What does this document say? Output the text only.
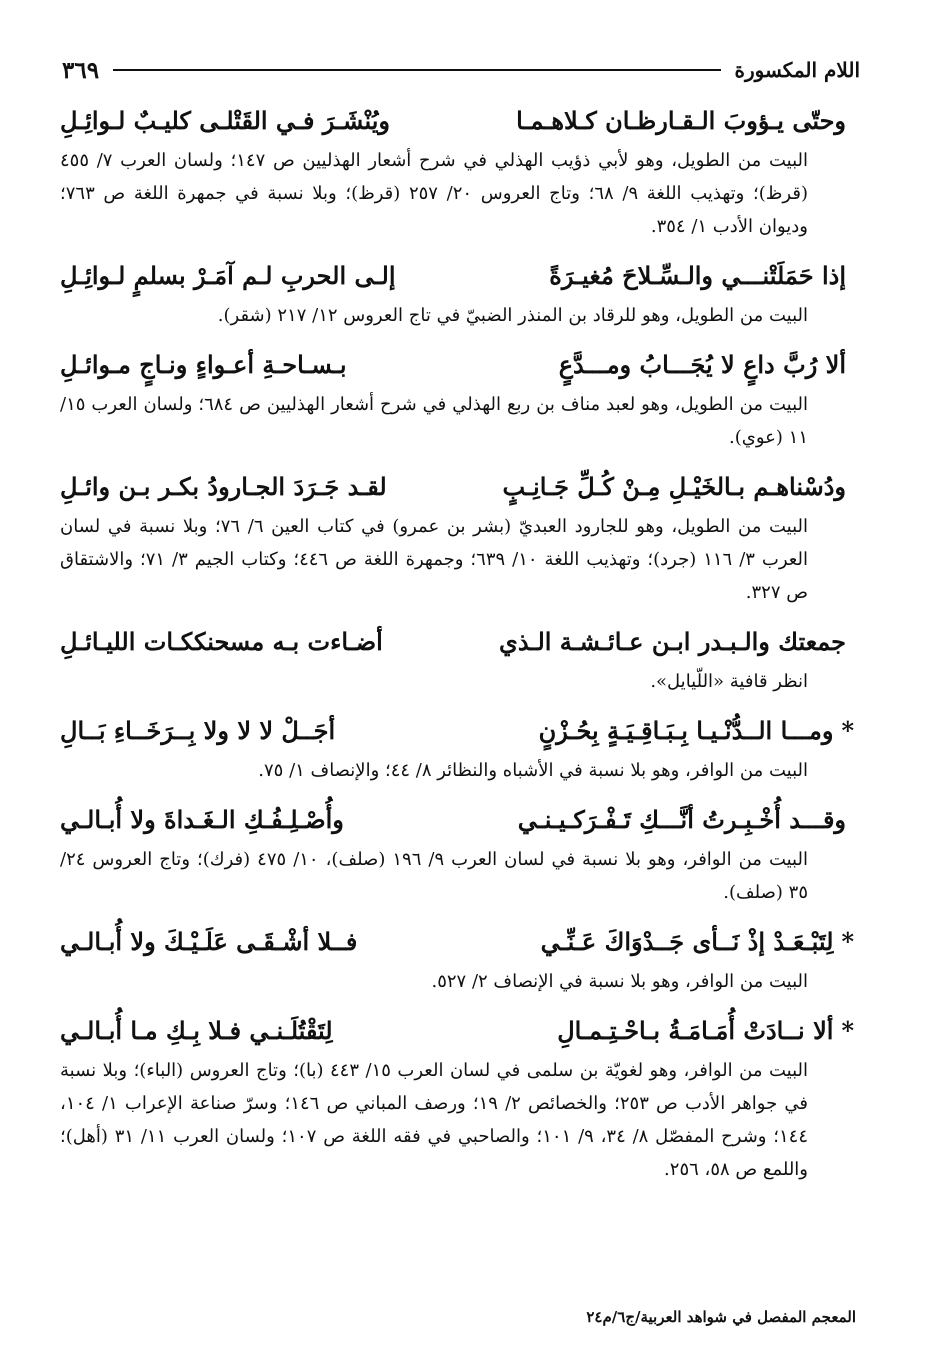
اللام المكسورة
٣٦٩
وحتّى يـؤوبَ الـقـارظـان كـلاهـمـا
ويُنْشَـرَ فـي القَتْلـى كليـبٌ لـوائِـلِ
البيت من الطويل، وهو لأبي ذؤيب الهذلي في شرح أشعار الهذليين ص ١٤٧؛ ولسان العرب ٧/ ٤٥٥ (قرظ)؛ وتهذيب اللغة ٩/ ٦٨؛ وتاج العروس ٢٠/ ٢٥٧ (قرظ)؛ وبلا نسبة في جمهرة اللغة ص ٧٦٣؛ وديوان الأدب ١/ ٣٥٤.
إذا حَمَلَتْنـــي والـسِّـلاحَ مُغيـرَةً
إلـى الحربِ لـم آمَـرْ بسلمٍ لـوائِـلِ
البيت من الطويل، وهو للرقاد بن المنذر الضبيّ في تاج العروس ١٢/ ٢١٧ (شقر).
ألا رُبَّ داعٍ لا يُجَـــابُ ومـــدَّعٍ
بـسـاحـةِ أعـواءٍ ونـاجٍ مـوائـلِ
البيت من الطويل، وهو لعبد مناف بن ربع الهذلي في شرح أشعار الهذليين ص ٦٨٤؛ ولسان العرب ١٥/ ١١ (عوي).
ودُسْناهـم بـالخَيْـلِ مِـنْ كُـلِّ جَـانِـبٍ
لقـد جَـرَدَ الجـارودُ بكـر بـن وائـلِ
البيت من الطويل، وهو للجارود العبديّ (بشر بن عمرو) في كتاب العين ٦/ ٧٦؛ وبلا نسبة في لسان العرب ٣/ ١١٦ (جرد)؛ وتهذيب اللغة ١٠/ ٦٣٩؛ وجمهرة اللغة ص ٤٤٦؛ وكتاب الجيم ٣/ ٧١؛ والاشتقاق ص ٣٢٧.
جمعتك والـبـدر ابـن عـائـشـة الـذي
أضـاءت بـه مسحنككـات الليـائـلِ
انظر قافية «اللّيايل».
*
ومـــا الــدُّنْـيـا بِـبَـاقِـيَـةٍ بِحُـزْنٍ
أجَــلْ لا لا ولا بِــرَخَــاءِ بَــالِ
البيت من الوافر، وهو بلا نسبة في الأشباه والنظائر ٨/ ٤٤؛ والإنصاف ١/ ٧٥.
وقـــد أُخْـبِـرتُ أنَّـــكِ تَـفْـرَكـيـنـي
وأُصْـلِـفُـكِ الـغَـداةَ ولا أُبـالـي
البيت من الوافر، وهو بلا نسبة في لسان العرب ٩/ ١٩٦ (صلف)، ١٠/ ٤٧٥ (فرك)؛ وتاج العروس ٢٤/ ٣٥ (صلف).
*
لِتَبْـعَـدْ إذْ نَــأى جَــدْوَاكَ عَـنِّـي
فــلا أشْـقَـى عَلَـيْـكَ ولا أُبـالـي
البيت من الوافر، وهو بلا نسبة في الإنصاف ٢/ ٥٢٧.
*
ألا نــادَتْ أُمَـامَـةُ بـاحْـتِـمـالِ
لِتَقْتُلَـنـي فـلا بِـكِ مـا أُبـالـي
البيت من الوافر، وهو لغويّة بن سلمى في لسان العرب ١٥/ ٤٤٣ (با)؛ وتاج العروس (الباء)؛ وبلا نسبة في جواهر الأدب ص ٢٥٣؛ والخصائص ٢/ ١٩؛ ورصف المباني ص ١٤٦؛ وسرّ صناعة الإعراب ١/ ١٠٤، ١٤٤؛ وشرح المفصّل ٨/ ٣٤، ٩/ ١٠١؛ والصاحبي في فقه اللغة ص ١٠٧؛ ولسان العرب ١١/ ٣١ (أهل)؛ واللمع ص ٥٨، ٢٥٦.
المعجم المفصل في شواهد العربية/ج٦/م٢٤
